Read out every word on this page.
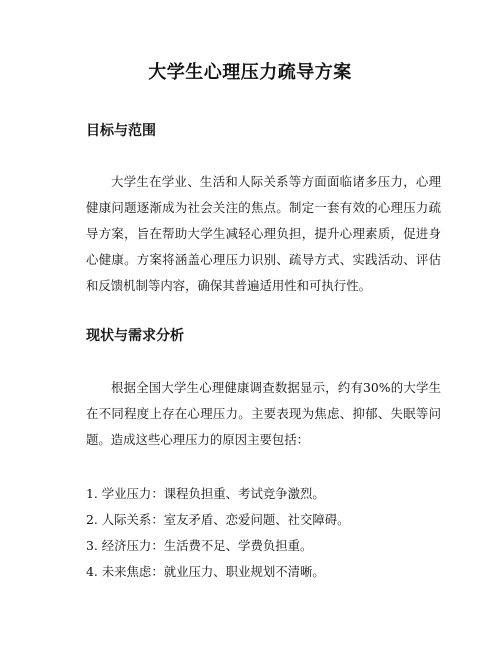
大学生心理压力疏导方案
目标与范围

大学生在学业、生活和人际关系等方面面临诸多压力，心理健康问题逐渐成为社会关注的焦点。制定一套有效的心理压力疏导方案，旨在帮助大学生减轻心理负担，提升心理素质，促进身心健康。方案将涵盖心理压力识别、疏导方式、实践活动、评估和反馈机制等内容，确保其普遍适用性和可执行性。

现状与需求分析

根据全国大学生心理健康调查数据显示，约有30%的大学生在不同程度上存在心理压力。主要表现为焦虑、抑郁、失眠等问题。造成这些心理压力的原因主要包括：

1. 学业压力：课程负担重、考试竞争激烈。
2. 人际关系：室友矛盾、恋爱问题、社交障碍。
3. 经济压力：生活费不足、学费负担重。
4. 未来焦虑：就业压力、职业规划不清晰。
